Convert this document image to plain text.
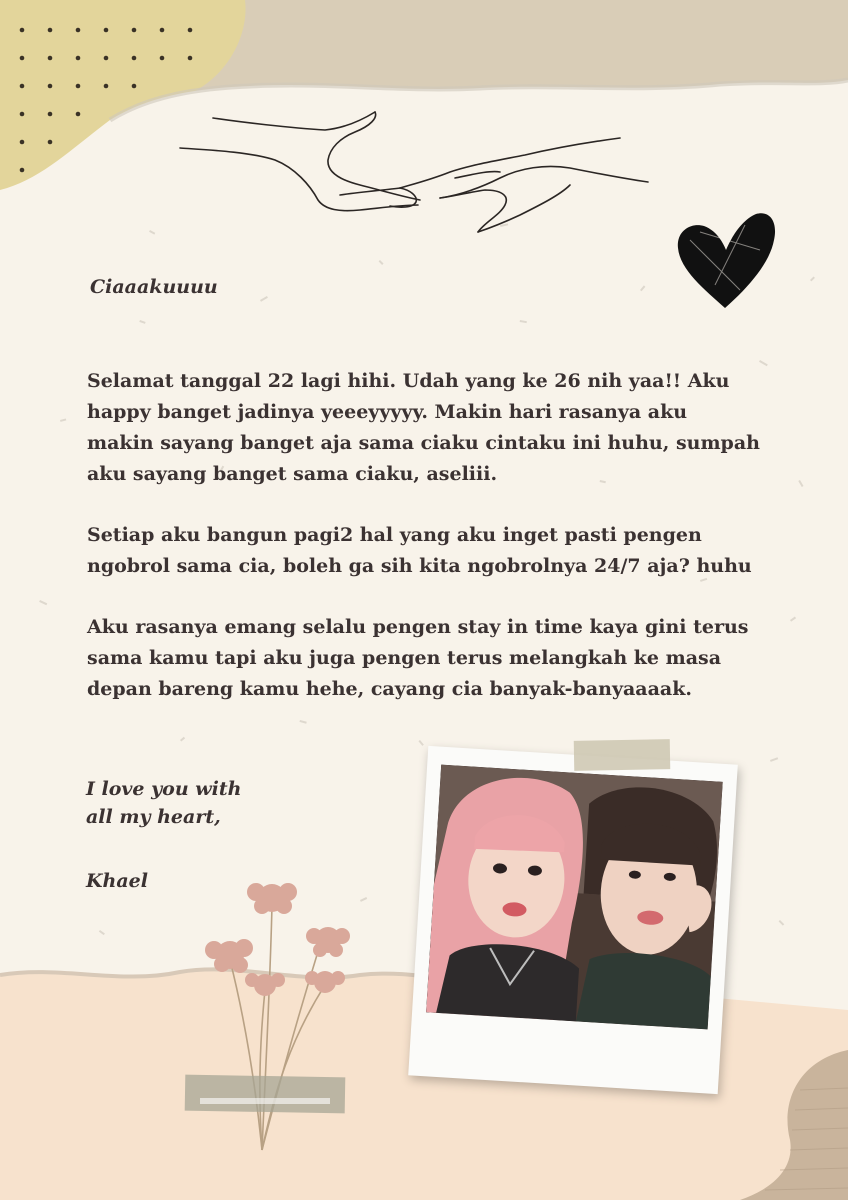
Ciaaakuuuu
Selamat tanggal 22 lagi hihi. Udah yang ke 26 nih yaa!! Aku
happy banget jadinya yeeeyyyyy. Makin hari rasanya aku
makin sayang banget aja sama ciaku cintaku ini huhu, sumpah
aku sayang banget sama ciaku, aseliii.
Setiap aku bangun pagi2 hal yang aku inget pasti pengen
ngobrol sama cia, boleh ga sih kita ngobrolnya 24/7 aja? huhu
Aku rasanya emang selalu pengen stay in time kaya gini terus
sama kamu tapi aku juga pengen terus melangkah ke masa
depan bareng kamu hehe, cayang cia banyak-banyaaaak.
I love you with
all my heart,
Khael
